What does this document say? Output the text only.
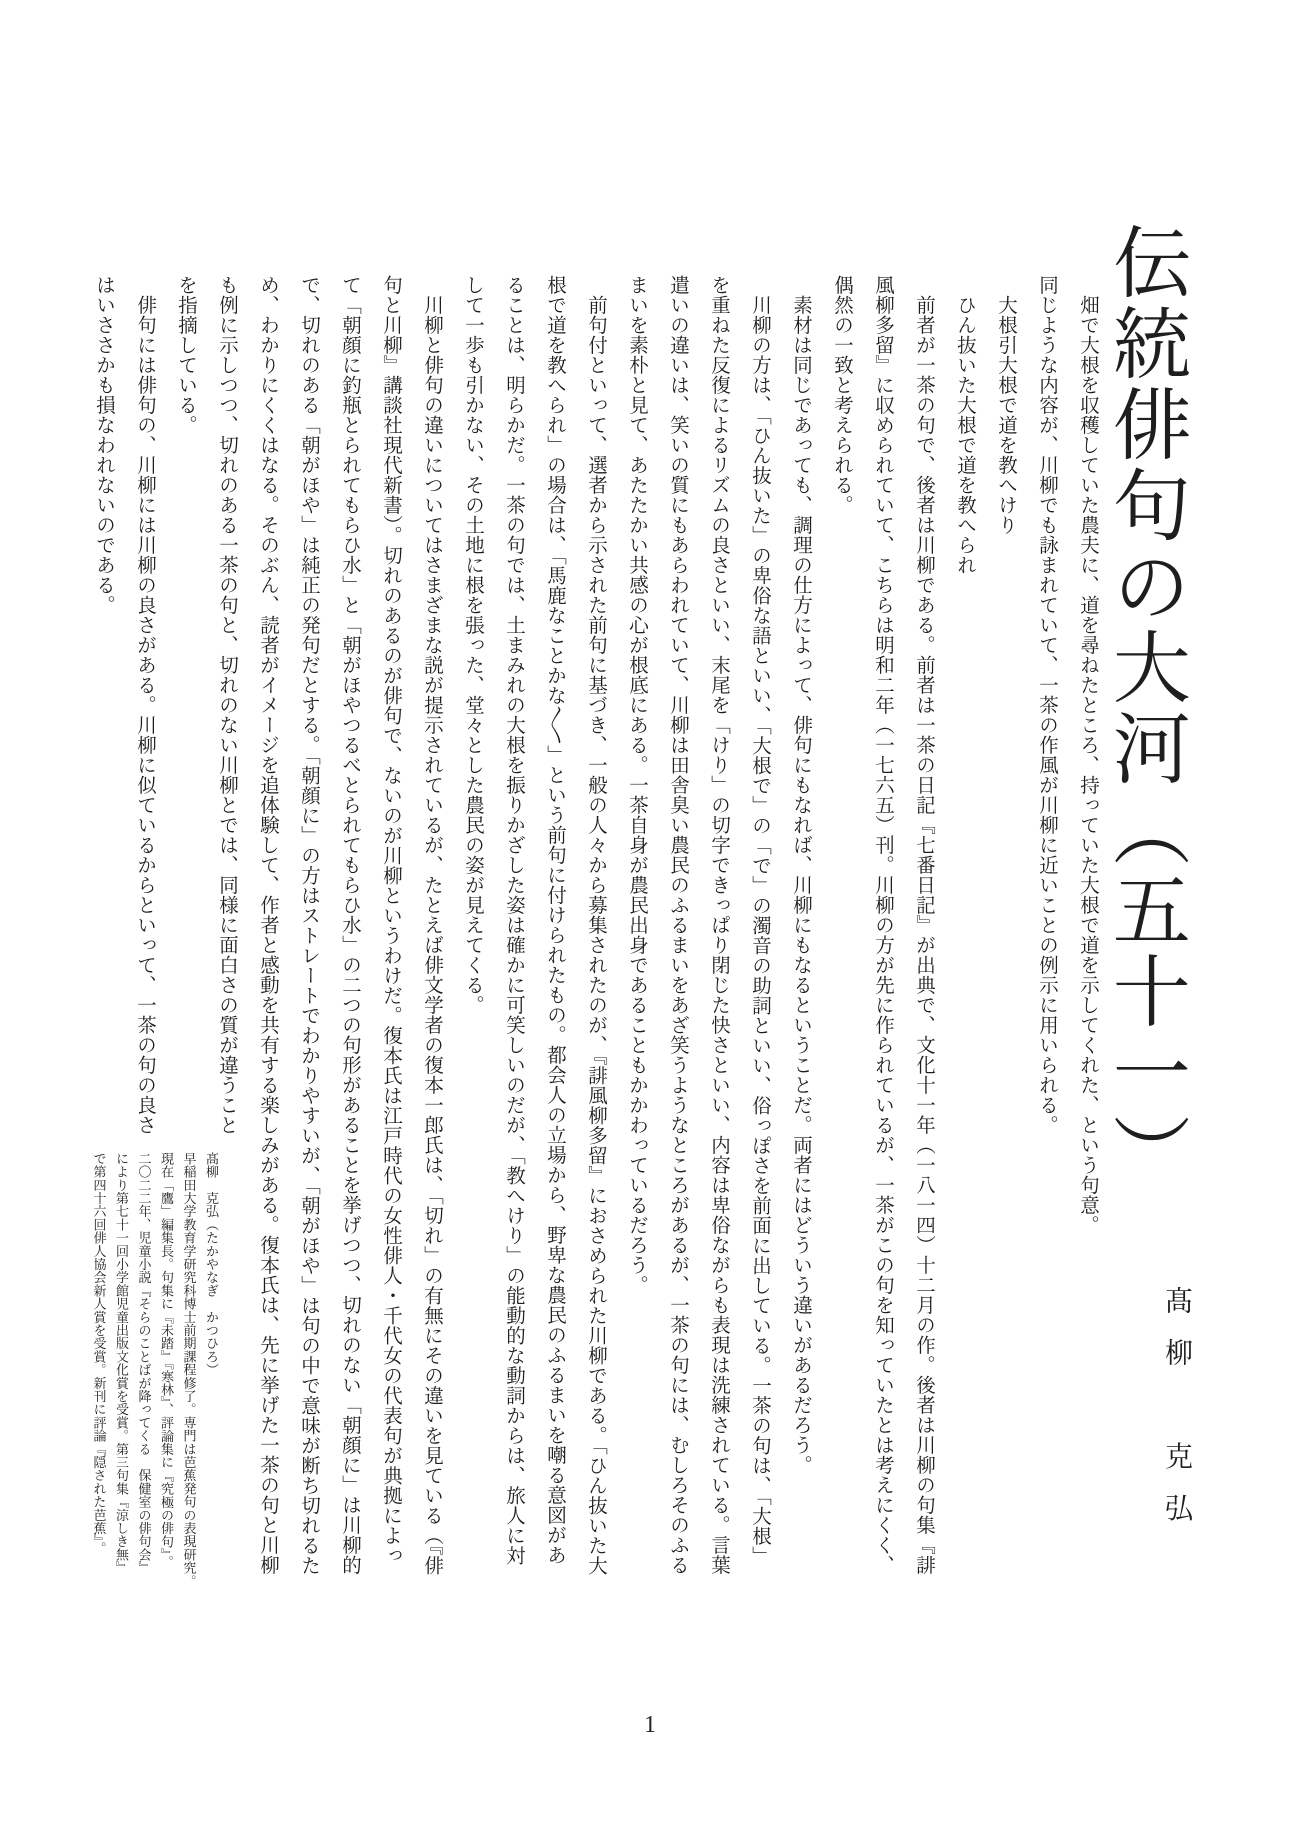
伝統俳句の大河（五十一）
髙柳　克弘

畑で大根を収穫していた農夫に、道を尋ねたところ、持っていた大根で道を示してくれた、という句意。

同じような内容が、川柳でも詠まれていて、一茶の作風が川柳に近いことの例示に用いられる。

大根引大根で道を教へけり

ひん抜いた大根で道を教へられ

前者が一茶の句で、後者は川柳である。前者は一茶の日記『七番日記』が出典で、文化十一年（一八一四）十二月の作。後者は川柳の句集『誹

風柳多留』に収められていて、こちらは明和二年（一七六五）刊。川柳の方が先に作られているが、一茶がこの句を知っていたとは考えにくく、

偶然の一致と考えられる。

素材は同じであっても、調理の仕方によって、俳句にもなれば、川柳にもなるということだ。両者にはどういう違いがあるだろう。

川柳の方は、「ひん抜いた」の卑俗な語といい、「大根で」の「で」の濁音の助詞といい、俗っぽさを前面に出している。一茶の句は、「大根」

を重ねた反復によるリズムの良さといい、末尾を「けり」の切字できっぱり閉じた快さといい、内容は卑俗ながらも表現は洗練されている。言葉

遣いの違いは、笑いの質にもあらわれていて、川柳は田舎臭い農民のふるまいをあざ笑うようなところがあるが、一茶の句には、むしろそのふる

まいを素朴と見て、あたたかい共感の心が根底にある。一茶自身が農民出身であることもかかわっているだろう。

前句付といって、選者から示された前句に基づき、一般の人々から募集されたのが、『誹風柳多留』におさめられた川柳である。「ひん抜いた大

根で道を教へられ」の場合は、「馬鹿なことかな〱」という前句に付けられたもの。都会人の立場から、野卑な農民のふるまいを嘲る意図があ

ることは、明らかだ。一茶の句では、土まみれの大根を振りかざした姿は確かに可笑しいのだが、「教へけり」の能動的な動詞からは、旅人に対

して一歩も引かない、その土地に根を張った、堂々とした農民の姿が見えてくる。

川柳と俳句の違いについてはさまざまな説が提示されているが、たとえば俳文学者の復本一郎氏は、「切れ」の有無にその違いを見ている（『俳

句と川柳』講談社現代新書）。切れのあるのが俳句で、ないのが川柳というわけだ。復本氏は江戸時代の女性俳人・千代女の代表句が典拠によっ

て「朝顔に釣瓶とられてもらひ水」と「朝がほやつるべとられてもらひ水」の二つの句形があることを挙げつつ、切れのない「朝顔に」は川柳的

で、切れのある「朝がほや」は純正の発句だとする。「朝顔に」の方はストレートでわかりやすいが、「朝がほや」は句の中で意味が断ち切れるた

め、わかりにくくはなる。そのぶん、読者がイメージを追体験して、作者と感動を共有する楽しみがある。復本氏は、先に挙げた一茶の句と川柳

も例に示しつつ、切れのある一茶の句と、切れのない川柳とでは、同様に面白さの質が違うこと

を指摘している。

俳句には俳句の、川柳には川柳の良さがある。川柳に似ているからといって、一茶の句の良さ

はいささかも損なわれないのである。

髙柳　克弘（たかやなぎ　かつひろ）

早稲田大学教育学研究科博士前期課程修了。専門は芭蕉発句の表現研究。

現在「鷹」編集長。句集に『未踏』『寒林』、評論集に『究極の俳句』。

二〇二二年、児童小説『そらのことばが降ってくる　保健室の俳句会』

により第七十一回小学館児童出版文化賞を受賞。第三句集『涼しき無』

で第四十六回俳人協会新人賞を受賞。新刊に評論『隠された芭蕉』。

1
